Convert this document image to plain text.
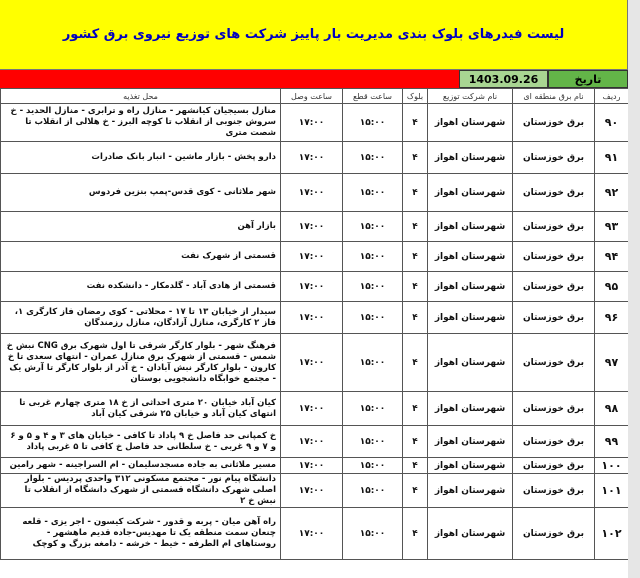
لیست فیدرهای بلوک بندی مدیریت بار پاییز شرکت های توزیع نیروی برق کشور
تاریخ
1403.09.26
ردیف	نام برق منطقه ای	نام شرکت توزیع	بلوک	ساعت قطع	ساعت وصل	محل تغذیه
۹۰	برق خوزستان	شهرستان اهواز	۴	۱۵:۰۰	۱۷:۰۰	منازل بسیجیان کیانشهر - منازل راه و ترابری - منازل الحدید - خ سروش جنوبی از انقلاب تا کوچه البرز - خ هلالی از انقلاب تا شصت متری
۹۱	برق خوزستان	شهرستان اهواز	۴	۱۵:۰۰	۱۷:۰۰	دارو پخش - بازار ماشین - انبار بانک صادرات
۹۲	برق خوزستان	شهرستان اهواز	۴	۱۵:۰۰	۱۷:۰۰	شهر ملاثانی - کوی قدس-پمپ بنزین فردوس
۹۳	برق خوزستان	شهرستان اهواز	۴	۱۵:۰۰	۱۷:۰۰	بازار آهن
۹۴	برق خوزستان	شهرستان اهواز	۴	۱۵:۰۰	۱۷:۰۰	قسمتی از شهرک نفت
۹۵	برق خوزستان	شهرستان اهواز	۴	۱۵:۰۰	۱۷:۰۰	قسمتی از هادی آباد - گلدمکار - دانشکده نفت
۹۶	برق خوزستان	شهرستان اهواز	۴	۱۵:۰۰	۱۷:۰۰	سیدار از خیابان ۱۳ تا ۱۷ - محلاتی - کوی رمضان فاز کارگری ۱، فاز ۲ کارگری، منازل آزادگان، منازل رزمندگان
۹۷	برق خوزستان	شهرستان اهواز	۴	۱۵:۰۰	۱۷:۰۰	فرهنگ شهر - بلوار کارگر شرقی تا اول شهرک برق CNG نبش خ شمس - قسمتی از شهرک برق منازل عمران - انتهای سعدی تا خ کارون - بلوار کارگر نبش آبادان - خ آذر از بلوار کارگر تا آرش یک - مجتمع خوابگاه دانشجویی بوستان
۹۸	برق خوزستان	شهرستان اهواز	۴	۱۵:۰۰	۱۷:۰۰	کیان آباد خیابان ۲۰ متری احداثی از خ ۱۸ متری چهارم غربی تا انتهای کیان آباد و خیابان ۲۵ شرقی کیان آباد
۹۹	برق خوزستان	شهرستان اهواز	۴	۱۵:۰۰	۱۷:۰۰	خ کمپانی حد فاصل خ ۹ پاداد تا کافی - خیابان های ۳ و ۴ و ۵ و ۶ و ۷ و ۹ غربی - خ سلطانی حد فاصل خ کافی تا ۵ غربی پاداد
۱۰۰	برق خوزستان	شهرستان اهواز	۴	۱۵:۰۰	۱۷:۰۰	مسیر ملاثانی به جاده مسجدسلیمان - ام السراجینه - شهر رامین
۱۰۱	برق خوزستان	شهرستان اهواز	۴	۱۵:۰۰	۱۷:۰۰	دانشگاه پیام نور - مجتمع مسکونی ۳۱۲ واحدی پردیس - بلوار اصلی شهرک دانشگاه قسمتی از شهرک دانشگاه از انقلاب تا نبش خ ۲
۱۰۲	برق خوزستان	شهرستان اهواز	۴	۱۵:۰۰	۱۷:۰۰	راه آهن میان - پربه و قدور - شرکت کیسون - اجر یزی - قلعه چنعان سمت منطقه یک تا مهدیس-جاده قدیم ماهشهر - روستاهای ام الطرفه - خیط - خرشه - دامغه بزرگ و کوچک
